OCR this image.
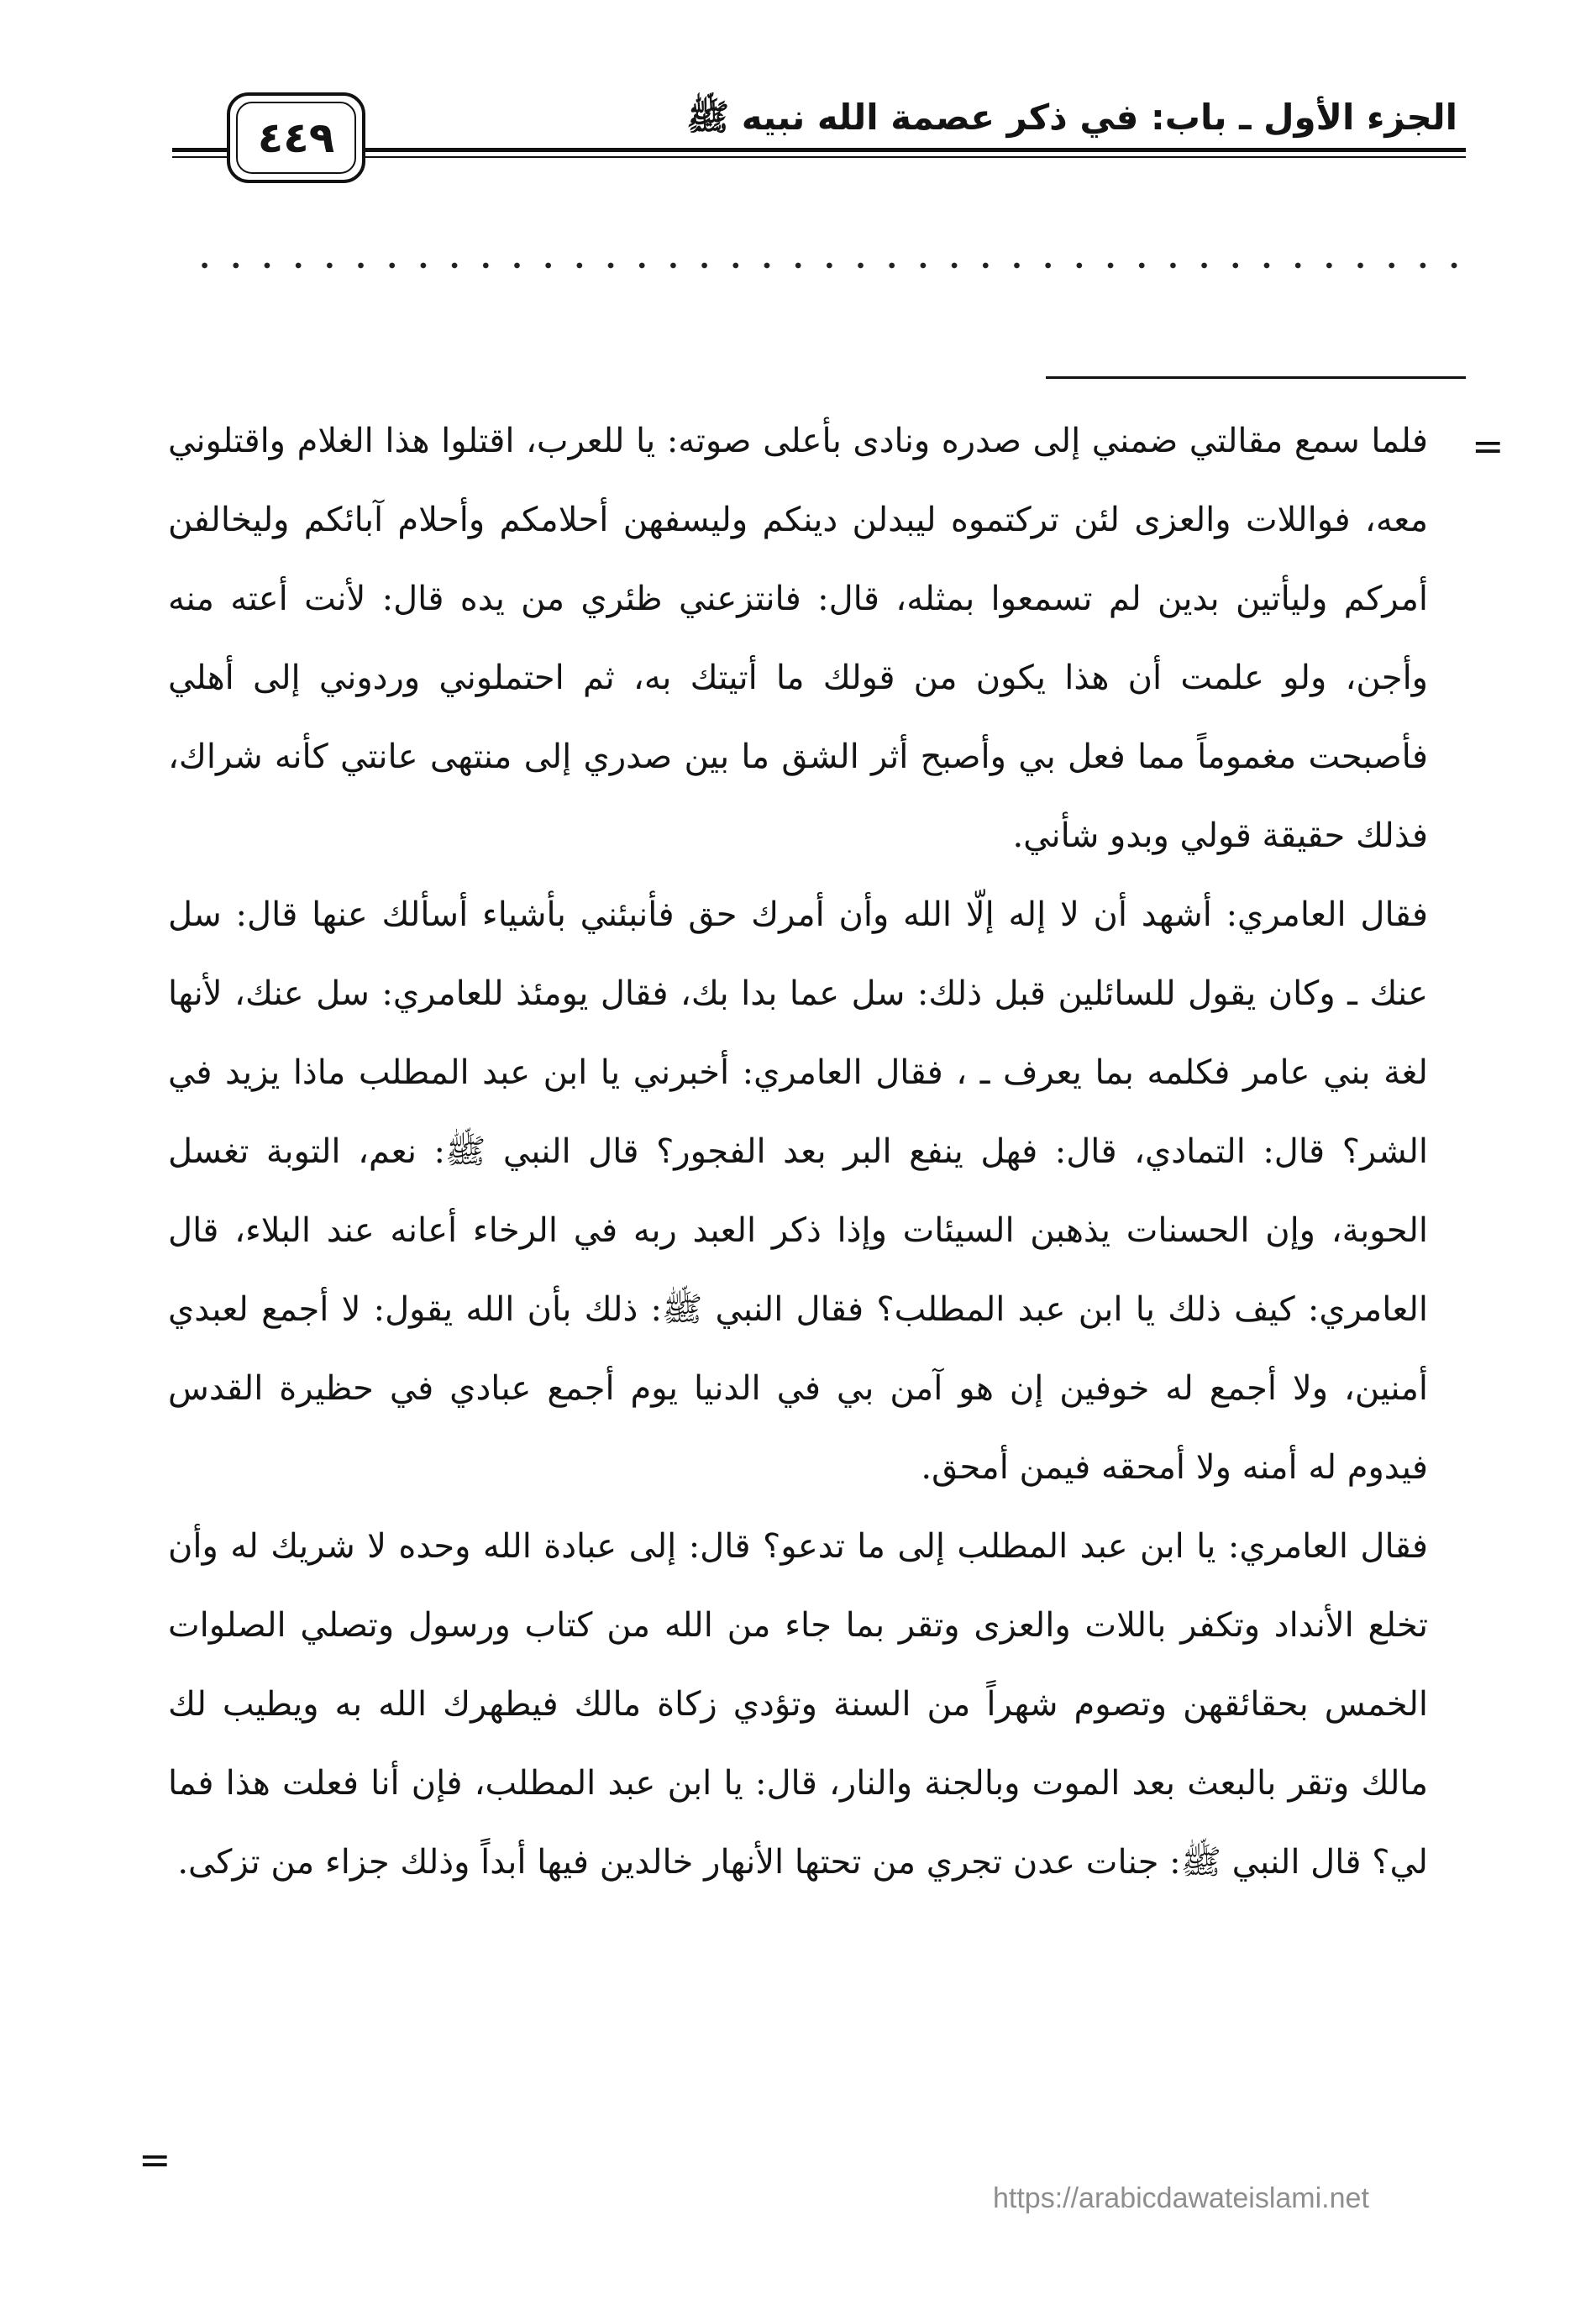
الجزء الأول ـ باب: في ذكر عصمة الله نبيه ﷺ
٤٤٩
=
=

فلما سمع مقالتي ضمني إلى صدره ونادى بأعلى صوته: يا للعرب، اقتلوا هذا الغلام واقتلوني معه، فواللات والعزى لئن تركتموه ليبدلن دينكم وليسفهن أحلامكم وأحلام آبائكم وليخالفن أمركم وليأتين بدين لم تسمعوا بمثله، قال: فانتزعني ظئري من يده قال: لأنت أعته منه وأجن، ولو علمت أن هذا يكون من قولك ما أتيتك به، ثم احتملوني وردوني إلى أهلي فأصبحت مغموماً مما فعل بي وأصبح أثر الشق ما بين صدري إلى منتهى عانتي كأنه شراك، فذلك حقيقة قولي وبدو شأني.

فقال العامري: أشهد أن لا إله إلّا الله وأن أمرك حق فأنبئني بأشياء أسألك عنها قال: سل عنك ـ وكان يقول للسائلين قبل ذلك: سل عما بدا بك، فقال يومئذ للعامري: سل عنك، لأنها لغة بني عامر فكلمه بما يعرف ـ ، فقال العامري: أخبرني يا ابن عبد المطلب ماذا يزيد في الشر؟ قال: التمادي، قال: فهل ينفع البر بعد الفجور؟ قال النبي ﷺ: نعم، التوبة تغسل الحوبة، وإن الحسنات يذهبن السيئات وإذا ذكر العبد ربه في الرخاء أعانه عند البلاء، قال العامري: كيف ذلك يا ابن عبد المطلب؟ فقال النبي ﷺ: ذلك بأن الله يقول: لا أجمع لعبدي أمنين، ولا أجمع له خوفين إن هو آمن بي في الدنيا يوم أجمع عبادي في حظيرة القدس فيدوم له أمنه ولا أمحقه فيمن أمحق.

فقال العامري: يا ابن عبد المطلب إلى ما تدعو؟ قال: إلى عبادة الله وحده لا شريك له وأن تخلع الأنداد وتكفر باللات والعزى وتقر بما جاء من الله من كتاب ورسول وتصلي الصلوات الخمس بحقائقهن وتصوم شهراً من السنة وتؤدي زكاة مالك فيطهرك الله به ويطيب لك مالك وتقر بالبعث بعد الموت وبالجنة والنار، قال: يا ابن عبد المطلب، فإن أنا فعلت هذا فما لي؟ قال النبي ﷺ: جنات عدن تجري من تحتها الأنهار خالدين فيها أبداً وذلك جزاء من تزكى.

https://arabicdawateislami.net
